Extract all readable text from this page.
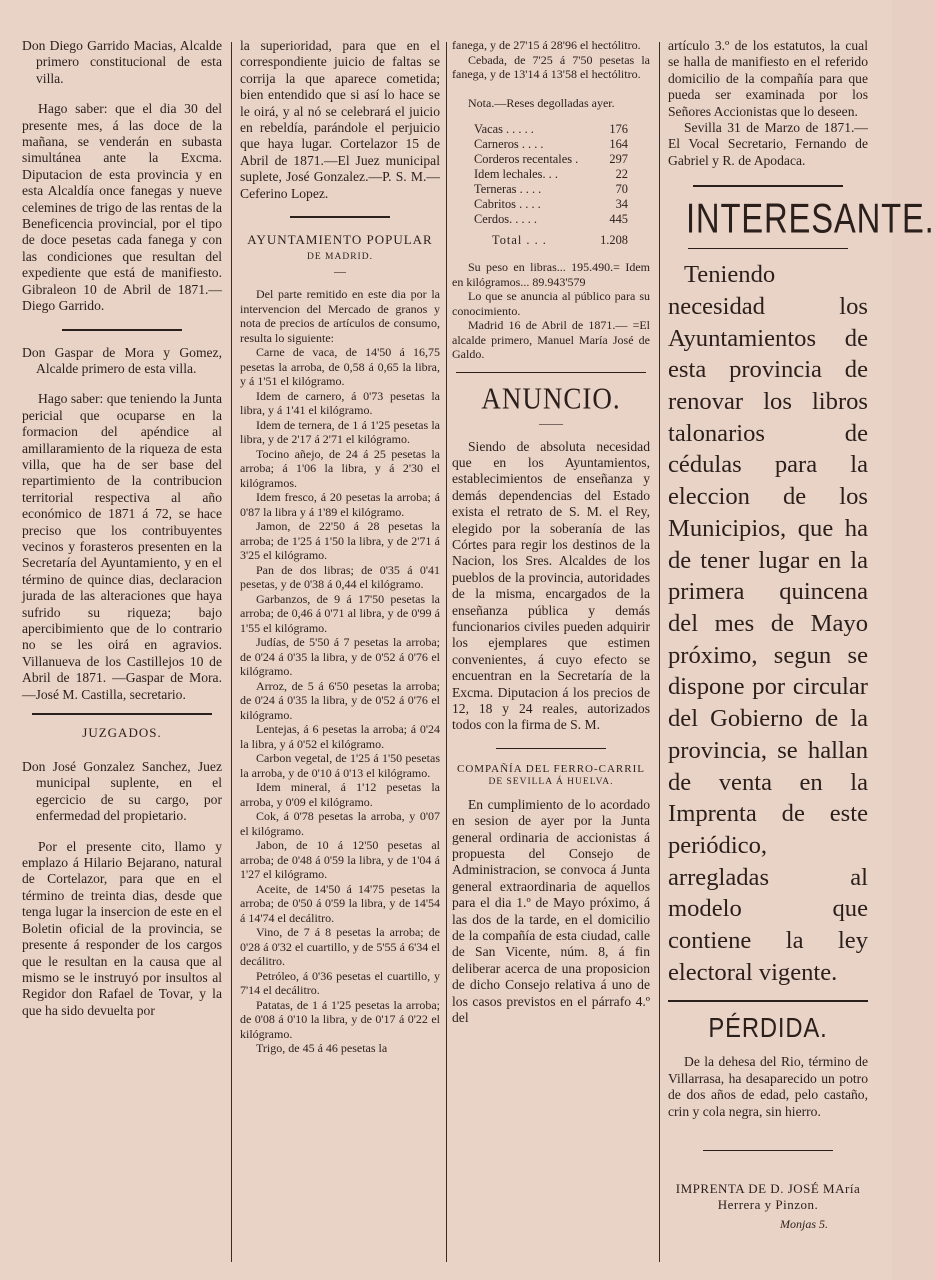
Don Diego Garrido Macias, Alcalde primero constitucional de esta villa.

Hago saber: que el dia 30 del presente mes, á las doce de la mañana, se venderán en subasta simultánea ante la Excma. Diputacion de esta provincia y en esta Alcaldía once fanegas y nueve celemines de trigo de las rentas de la Beneficencia provincial, por el tipo de doce pesetas cada fanega y con las condiciones que resultan del expediente que está de manifiesto. Gibraleon 10 de Abril de 1871.—Diego Garrido.

Don Gaspar de Mora y Gomez, Alcalde primero de esta villa.

Hago saber: que teniendo la Junta pericial que ocuparse en la formacion del apéndice al amillaramiento de la riqueza de esta villa, que ha de ser base del repartimiento de la contribucion territorial respectiva al año económico de 1871 á 72, se hace preciso que los contribuyentes vecinos y forasteros presenten en la Secretaría del Ayuntamiento, y en el término de quince dias, declaracion jurada de las alteraciones que haya sufrido su riqueza; bajo apercibimiento que de lo contrario no se les oirá en agravios. Villanueva de los Castillejos 10 de Abril de 1871. —Gaspar de Mora.—José M. Castilla, secretario.

JUZGADOS.

Don José Gonzalez Sanchez, Juez municipal suplente, en el egercicio de su cargo, por enfermedad del propietario.

Por el presente cito, llamo y emplazo á Hilario Bejarano, natural de Cortelazor, para que en el término de treinta dias, desde que tenga lugar la insercion de este en el Boletin oficial de la provincia, se presente á responder de los cargos que le resultan en la causa que al mismo se le instruyó por insultos al Regidor don Rafael de Tovar, y la que ha sido devuelta por

la superioridad, para que en el correspondiente juicio de faltas se corrija la que aparece cometida; bien entendido que si así lo hace se le oirá, y al nó se celebrará el juicio en rebeldía, parándole el perjuicio que haya lugar. Cortelazor 15 de Abril de 1871.—El Juez municipal suplete, José Gonzalez.—P. S. M.—Ceferino Lopez.

AYUNTAMIENTO POPULAR

DE MADRID.

—

Del parte remitido en este dia por la intervencion del Mercado de granos y nota de precios de artículos de consumo, resulta lo siguiente:

Carne de vaca, de 14'50 á 16,75 pesetas la arroba, de 0,58 á 0,65 la libra, y á 1'51 el kilógramo.

Idem de carnero, á 0'73 pesetas la libra, y á 1'41 el kilógramo.

Idem de ternera, de 1 á 1'25 pesetas la libra, y de 2'17 á 2'71 el kilógramo.

Tocino añejo, de 24 á 25 pesetas la arroba; á 1'06 la libra, y á 2'30 el kilógramos.

Idem fresco, á 20 pesetas la arroba; á 0'87 la libra y á 1'89 el kilógramo.

Jamon, de 22'50 á 28 pesetas la arroba; de 1'25 á 1'50 la libra, y de 2'71 á 3'25 el kilógramo.

Pan de dos libras; de 0'35 á 0'41 pesetas, y de 0'38 á 0,44 el kilógramo.

Garbanzos, de 9 á 17'50 pesetas la arroba; de 0,46 á 0'71 al libra, y de 0'99 á 1'55 el kilógramo.

Judías, de 5'50 á 7 pesetas la arroba; de 0'24 á 0'35 la libra, y de 0'52 á 0'76 el kilógramo.

Arroz, de 5 á 6'50 pesetas la arroba; de 0'24 á 0'35 la libra, y de 0'52 á 0'76 el kilógramo.

Lentejas, á 6 pesetas la arroba; á 0'24 la libra, y á 0'52 el kilógramo.

Carbon vegetal, de 1'25 á 1'50 pesetas la arroba, y de 0'10 á 0'13 el kilógramo.

Idem mineral, á 1'12 pesetas la arroba, y 0'09 el kilógramo.

Cok, á 0'78 pesetas la arroba, y 0'07 el kilógramo.

Jabon, de 10 á 12'50 pesetas al arroba; de 0'48 á 0'59 la libra, y de 1'04 á 1'27 el kilógramo.

Aceite, de 14'50 á 14'75 pesetas la arroba; de 0'50 á 0'59 la libra, y de 14'54 á 14'74 el decálitro.

Vino, de 7 á 8 pesetas la arroba; de 0'28 á 0'32 el cuartillo, y de 5'55 á 6'34 el decálitro.

Petróleo, á 0'36 pesetas el cuartillo, y 7'14 el decálitro.

Patatas, de 1 á 1'25 pesetas la arroba; de 0'08 á 0'10 la libra, y de 0'17 á 0'22 el kilógramo.

Trigo, de 45 á 46 pesetas la

fanega, y de 27'15 á 28'96 el hectólitro.

Cebada, de 7'25 á 7'50 pesetas la fanega, y de 13'14 á 13'58 el hectólitro.

Nota.—Reses degolladas ayer.

Vacas . . . . .	176
Carneros . . . .	164
Corderos recentales .	297
Idem lechales. . .	22
Terneras . . . .	70
Cabritos . . . .	34
Cerdos. . . . .	445
Total . . .	1.208

Su peso en libras... 195.490.= Idem en kilógramos... 89.943'579

Lo que se anuncia al público para su conocimiento.

Madrid 16 de Abril de 1871.— =El alcalde primero, Manuel María José de Galdo.

ANUNCIO.

——

Siendo de absoluta necesidad que en los Ayuntamientos, establecimientos de enseñanza y demás dependencias del Estado exista el retrato de S. M. el Rey, elegido por la soberanía de las Córtes para regir los destinos de la Nacion, los Sres. Alcaldes de los pueblos de la provincia, autoridades de la misma, encargados de la enseñanza pública y demás funcionarios civiles pueden adquirir los ejemplares que estimen convenientes, á cuyo efecto se encuentran en la Secretaría de la Excma. Diputacion á los precios de 12, 18 y 24 reales, autorizados todos con la firma de S. M.

COMPAÑÍA DEL FERRO-CARRIL

DE SEVILLA Á HUELVA.

En cumplimiento de lo acordado en sesion de ayer por la Junta general ordinaria de accionistas á propuesta del Consejo de Administracion, se convoca á Junta general extraordinaria de aquellos para el dia 1.º de Mayo próximo, á las dos de la tarde, en el domicilio de la compañía de esta ciudad, calle de San Vicente, núm. 8, á fin deliberar acerca de una proposicion de dicho Consejo relativa á uno de los casos previstos en el párrafo 4.º del

artículo 3.º de los estatutos, la cual se halla de manifiesto en el referido domicilio de la compañía para que pueda ser examinada por los Señores Accionistas que lo deseen.

Sevilla 31 de Marzo de 1871.—El Vocal Secretario, Fernando de Gabriel y R. de Apodaca.

INTERESANTE.

Teniendo necesidad los Ayuntamientos de esta provincia de renovar los libros talonarios de cédulas para la eleccion de los Municipios, que ha de tener lugar en la primera quincena del mes de Mayo próximo, segun se dispone por circular del Gobierno de la provincia, se hallan de venta en la Imprenta de este periódico, arregladas al modelo que contiene la ley electoral vigente.

PÉRDIDA.

De la dehesa del Rio, término de Villarrasa, ha desaparecido un potro de dos años de edad, pelo castaño, crin y cola negra, sin hierro.

IMPRENTA DE D. JOSÉ MAría Herrera y Pinzon.

Monjas 5.
